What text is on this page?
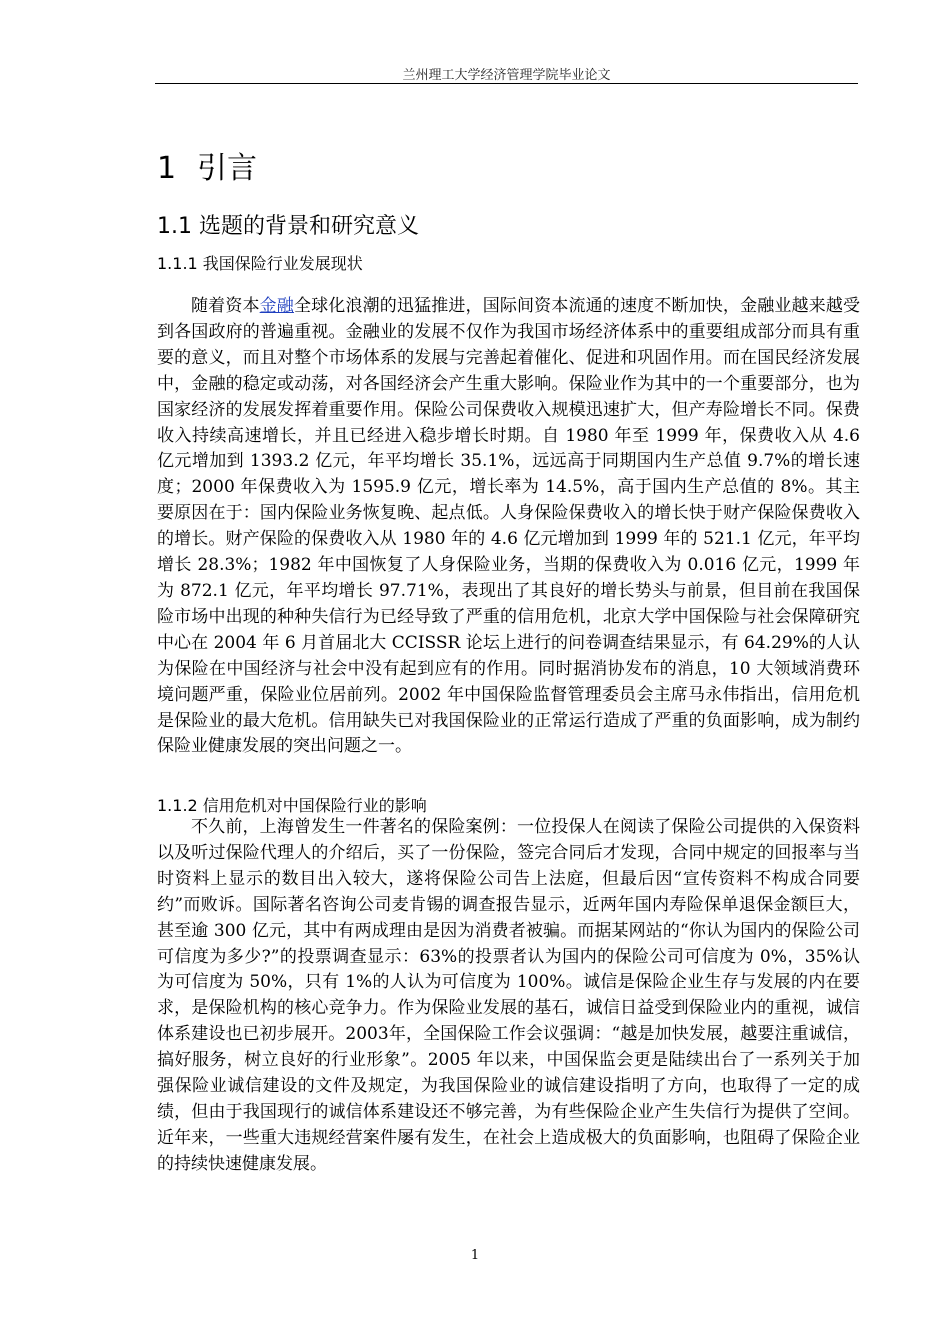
兰州理工大学经济管理学院毕业论文
1 引言
1.1 选题的背景和研究意义
1.1.1 我国保险行业发展现状

随着资本金融全球化浪潮的迅猛推进，国际间资本流通的速度不断加快，金融业越来越受到各国政府的普遍重视。金融业的发展不仅作为我国市场经济体系中的重要组成部分而具有重要的意义，而且对整个市场体系的发展与完善起着催化、促进和巩固作用。而在国民经济发展中，金融的稳定或动荡，对各国经济会产生重大影响。保险业作为其中的一个重要部分，也为国家经济的发展发挥着重要作用。保险公司保费收入规模迅速扩大，但产寿险增长不同。保费收入持续高速增长，并且已经进入稳步增长时期。自 1980 年至 1999 年，保费收入从 4.6 亿元增加到 1393.2 亿元，年平均增长 35.1%，远远高于同期国内生产总值 9.7%的增长速度；2000 年保费收入为 1595.9 亿元，增长率为 14.5%，高于国内生产总值的 8%。其主要原因在于：国内保险业务恢复晚、起点低。人身保险保费收入的增长快于财产保险保费收入的增长。财产保险的保费收入从 1980 年的 4.6 亿元增加到 1999 年的 521.1 亿元，年平均增长 28.3%；1982 年中国恢复了人身保险业务，当期的保费收入为 0.016 亿元，1999 年为 872.1 亿元，年平均增长 97.71%，表现出了其良好的增长势头与前景，但目前在我国保险市场中出现的种种失信行为已经导致了严重的信用危机，北京大学中国保险与社会保障研究中心在 2004 年 6 月首届北大 CCISSR 论坛上进行的问卷调查结果显示，有 64.29%的人认为保险在中国经济与社会中没有起到应有的作用。同时据消协发布的消息，10 大领域消费环境问题严重，保险业位居前列。2002 年中国保险监督管理委员会主席马永伟指出，信用危机是保险业的最大危机。信用缺失已对我国保险业的正常运行造成了严重的负面影响，成为制约保险业健康发展的突出问题之一。

1.1.2 信用危机对中国保险行业的影响

不久前，上海曾发生一件著名的保险案例：一位投保人在阅读了保险公司提供的入保资料以及听过保险代理人的介绍后，买了一份保险，签完合同后才发现，合同中规定的回报率与当时资料上显示的数目出入较大，遂将保险公司告上法庭，但最后因“宣传资料不构成合同要约”而败诉。国际著名咨询公司麦肯锡的调查报告显示，近两年国内寿险保单退保金额巨大，甚至逾 300 亿元，其中有两成理由是因为消费者被骗。而据某网站的“你认为国内的保险公司可信度为多少?”的投票调查显示：63%的投票者认为国内的保险公司可信度为 0%，35%认为可信度为 50%，只有 1%的人认为可信度为 100%。诚信是保险企业生存与发展的内在要求，是保险机构的核心竞争力。作为保险业发展的基石，诚信日益受到保险业内的重视，诚信体系建设也已初步展开。2003年，全国保险工作会议强调：“越是加快发展，越要注重诚信，搞好服务，树立良好的行业形象”。2005 年以来，中国保监会更是陆续出台了一系列关于加强保险业诚信建设的文件及规定，为我国保险业的诚信建设指明了方向，也取得了一定的成绩，但由于我国现行的诚信体系建设还不够完善，为有些保险企业产生失信行为提供了空间。近年来，一些重大违规经营案件屡有发生，在社会上造成极大的负面影响，也阻碍了保险企业的持续快速健康发展。

1
